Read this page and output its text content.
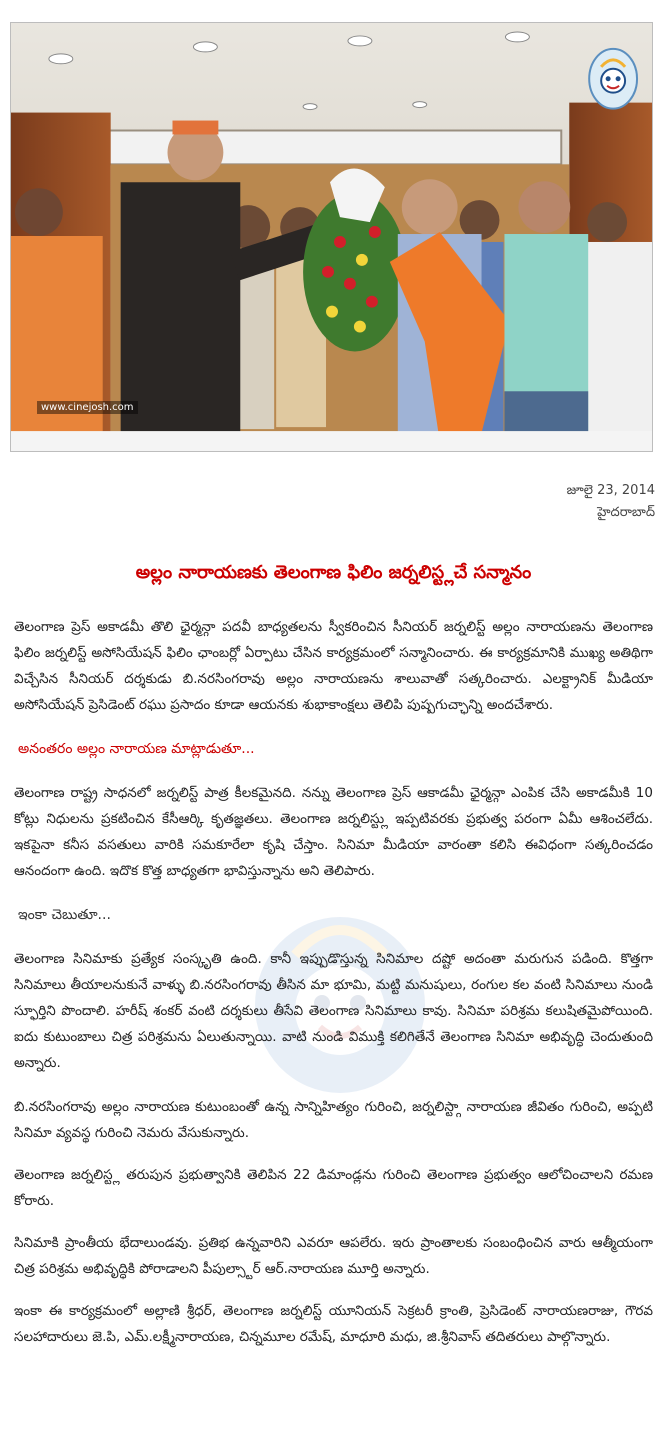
www.cinejosh.com
జూలై 23, 2014
హైదరాబాద్
అల్లం నారాయణకు తెలంగాణ ఫిలిం జర్నలిస్ట్లచే సన్మానం

తెలంగాణ ప్రెస్ అకాడమీ తొలి ఛైర్మన్గా పదవీ బాధ్యతలను స్వీకరించిన సీనియర్ జర్నలిస్ట్ అల్లం నారాయణను తెలంగాణ ఫిలిం జర్నలిస్ట్ అసోసియేషన్ ఫిలిం ఛాంబర్లో ఏర్పాటు చేసిన కార్యక్రమంలో సన్మానించారు. ఈ కార్యక్రమానికి ముఖ్య అతిథిగా విచ్చేసిన సీనియర్ దర్శకుడు బి.నరసింగరావు అల్లం నారాయణను శాలువాతో సత్కరించారు. ఎలక్ట్రానిక్ మీడియా అసోసియేషన్ ప్రెసిడెంట్ రఘు ప్రసాదం కూడా ఆయనకు శుభాకాంక్షలు తెలిపి పుష్పగుచ్ఛాన్ని అందచేశారు.

అనంతరం అల్లం నారాయణ మాట్లాడుతూ...

తెలంగాణ రాష్ట్ర సాధనలో జర్నలిస్ట్ పాత్ర కీలకమైనది. నన్ను తెలంగాణ ప్రెస్ ఆకాడమీ ఛైర్మన్గా ఎంపిక చేసి అకాడమీకి 10 కోట్లు నిధులను ప్రకటించిన కేసీఆర్కి కృతజ్ఞతలు. తెలంగాణ జర్నలిస్ట్లు ఇప్పటివరకు ప్రభుత్వ పరంగా ఏమీ ఆశించలేదు. ఇకపైనా కనీస వసతులు వారికి సమకూరేలా కృషి చేస్తాం. సినిమా మీడియా వారంతా కలిసి ఈవిధంగా సత్కరించడం ఆనందంగా ఉంది. ఇదొక కొత్త బాధ్యతగా భావిస్తున్నాను అని తెలిపారు.

ఇంకా చెబుతూ...

తెలంగాణ సినిమాకు ప్రత్యేక సంస్కృతి ఉంది. కానీ ఇప్పుడొస్తున్న సినిమాల దష్టో అదంతా మరుగున పడింది. కొత్తగా సినిమాలు తీయాలనుకునే వాళ్ళు బి.నరసింగరావు తీసిన మా భూమి, మట్టి మనుషులు, రంగుల కల వంటి సినిమాలు నుండి స్ఫూర్తిని పొందాలి. హరీష్ శంకర్ వంటి దర్శకులు తీసేవి తెలంగాణ సినిమాలు కావు. సినిమా పరిశ్రమ కలుషితమైపోయింది. ఐదు కుటుంబాలు చిత్ర పరిశ్రమను ఏలుతున్నాయి. వాటి నుండి విముక్తి కలిగితేనే తెలంగాణ సినిమా అభివృద్ధి చెందుతుంది అన్నారు.

బి.నరసింగరావు అల్లం నారాయణ కుటుంబంతో ఉన్న సాన్నిహిత్యం గురించి, జర్నలిస్ట్గా నారాయణ జీవితం గురించి, అప్పటి సినిమా వ్యవస్థ గురించి నెమరు వేసుకున్నారు.

తెలంగాణ జర్నలిస్ట్ల తరుపున ప్రభుత్వానికి తెలిపిన 22 డిమాండ్లను గురించి తెలంగాణ ప్రభుత్వం ఆలోచించాలని రమణ కోరారు.

సినిమాకి ప్రాంతీయ భేదాలుండవు. ప్రతిభ ఉన్నవారిని ఎవరూ ఆపలేరు. ఇరు ప్రాంతాలకు సంబంధించిన వారు ఆత్మీయంగా చిత్ర పరిశ్రమ అభివృద్ధికి పోరాడాలని పీపుల్స్టార్ ఆర్.నారాయణ మూర్తి అన్నారు.

ఇంకా ఈ కార్యక్రమంలో అల్లాణి శ్రీధర్, తెలంగాణ జర్నలిస్ట్ యూనియన్ సెక్రటరీ క్రాంతి, ప్రెసిడెంట్ నారాయణరాజు, గౌరవ సలహాదారులు జె.పి, ఎమ్.లక్ష్మీనారాయణ, చిన్నమూల రమేష్, మాధూరి మధు, జి.శ్రీనివాస్ తదితరులు పాల్గొన్నారు.
